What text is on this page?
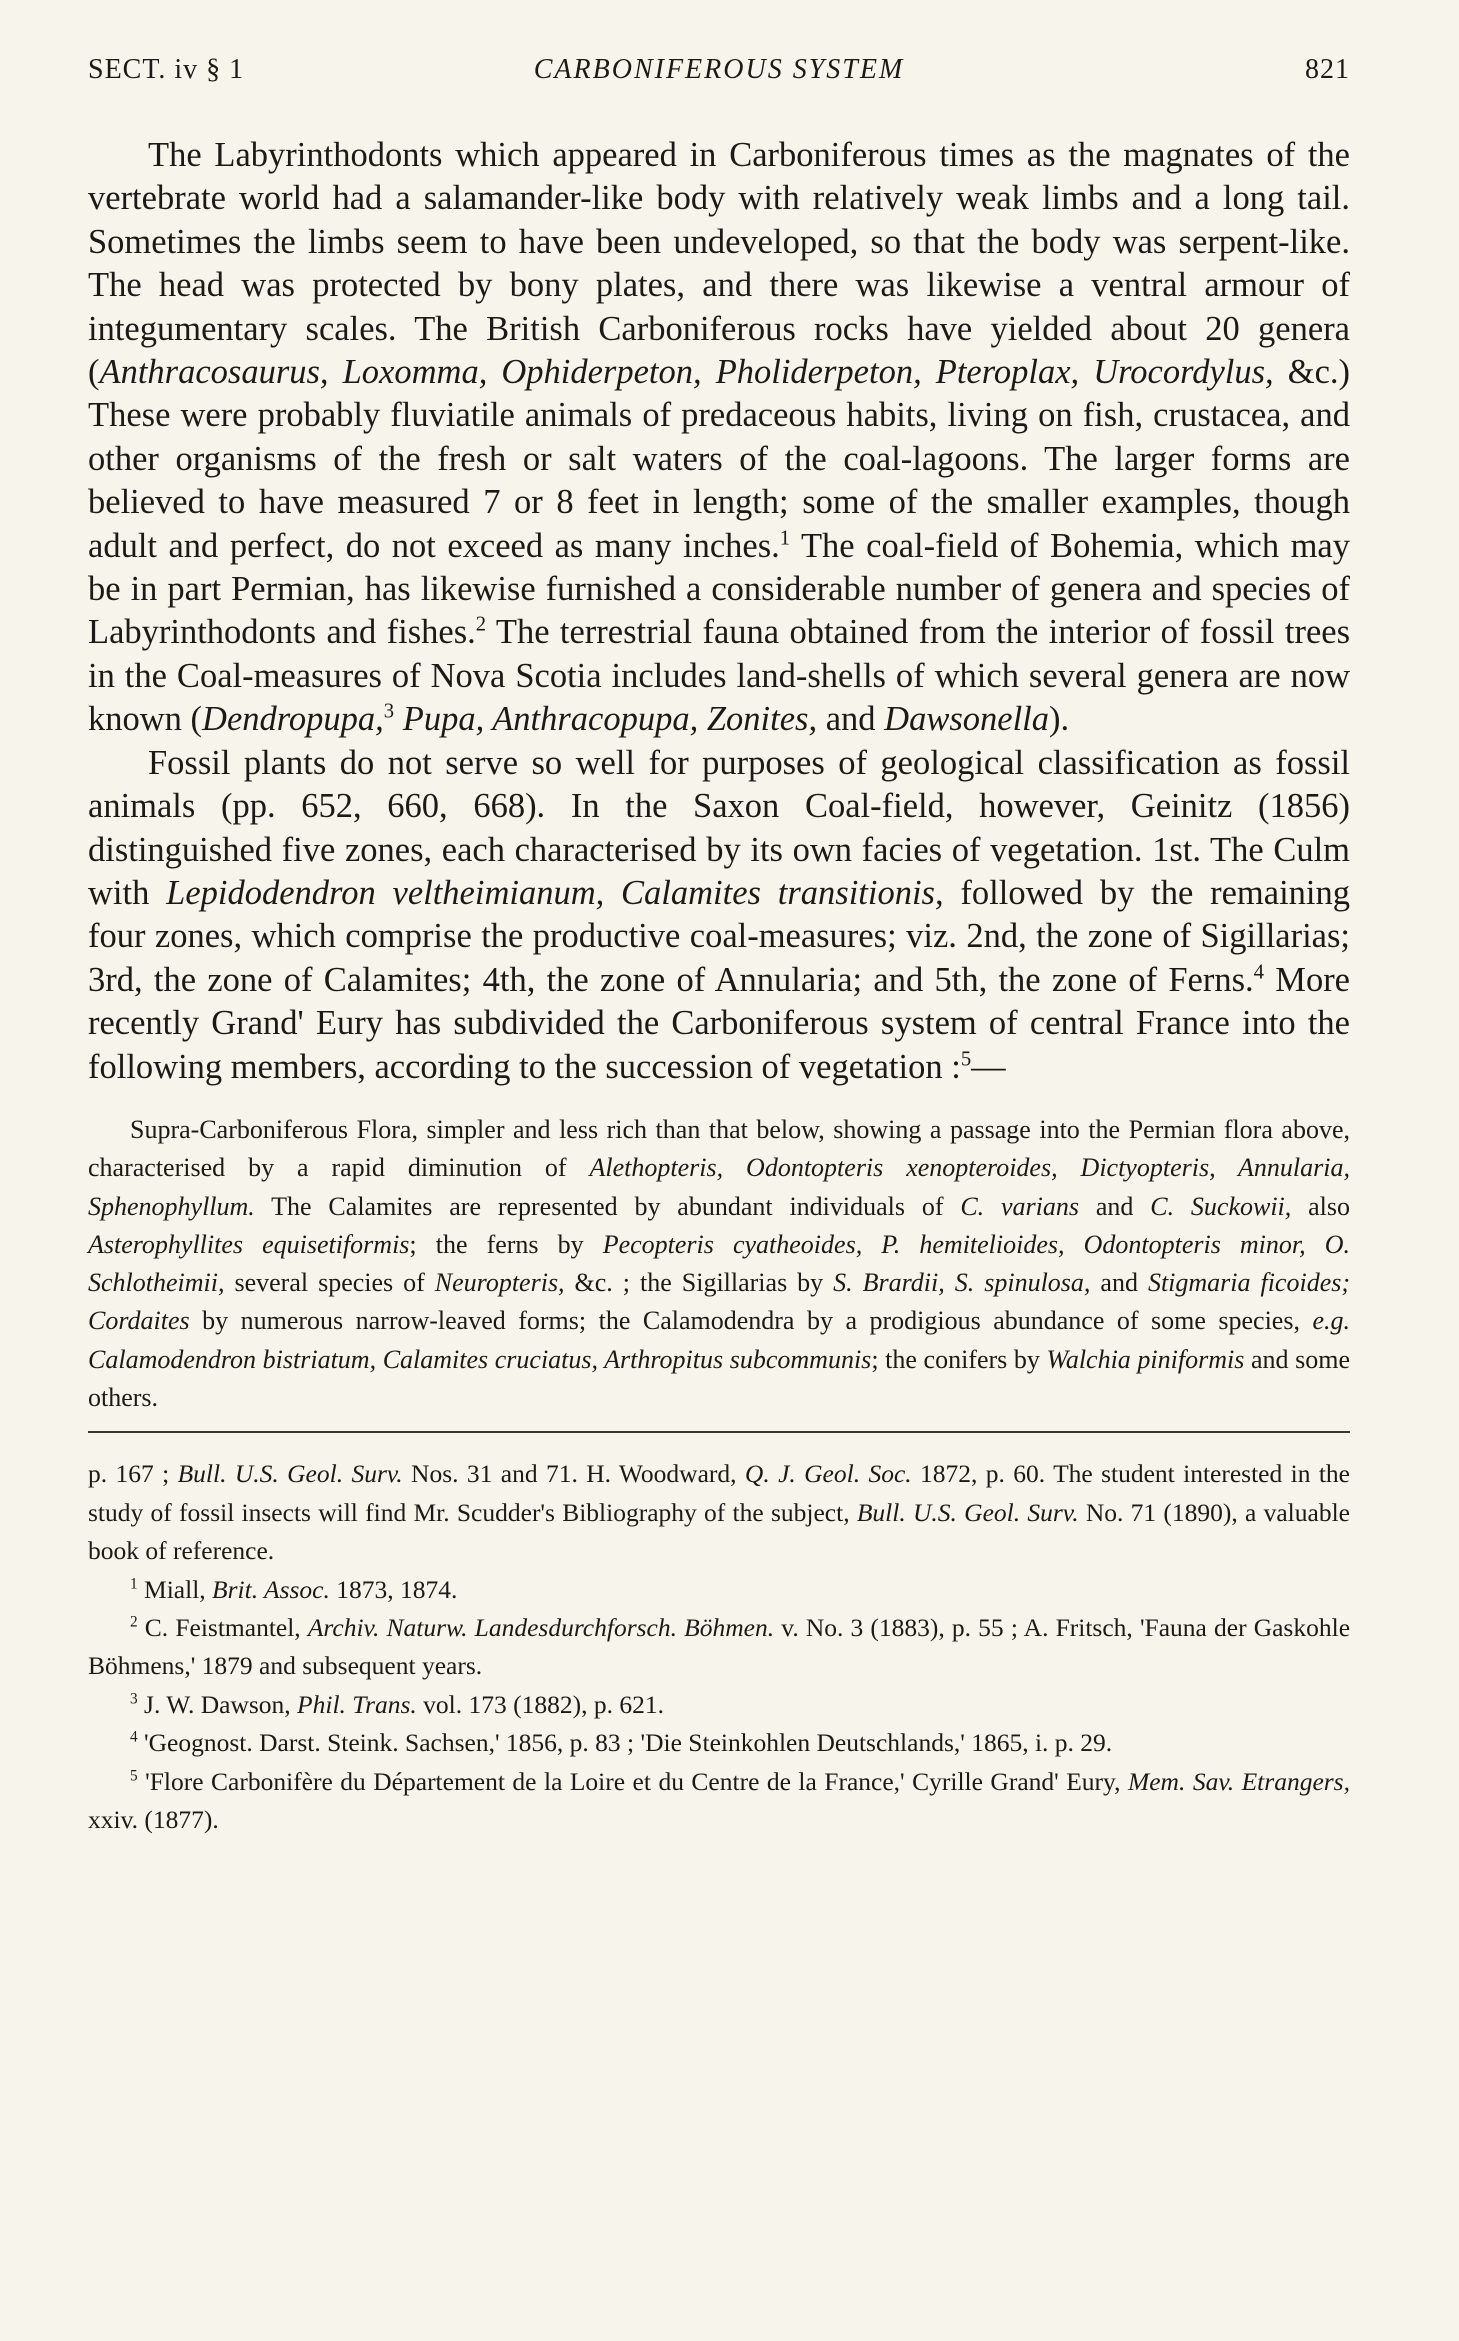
SECT. iv § 1	CARBONIFEROUS SYSTEM	821

The Labyrinthodonts which appeared in Carboniferous times as the magnates of the vertebrate world had a salamander-like body with relatively weak limbs and a long tail. Sometimes the limbs seem to have been undeveloped, so that the body was serpent-like. The head was protected by bony plates, and there was likewise a ventral armour of integumentary scales. The British Carboniferous rocks have yielded about 20 genera (Anthracosaurus, Loxomma, Ophiderpeton, Pholiderpeton, Pteroplax, Urocordylus, &c.) These were probably fluviatile animals of predaceous habits, living on fish, crustacea, and other organisms of the fresh or salt waters of the coal-lagoons. The larger forms are believed to have measured 7 or 8 feet in length; some of the smaller examples, though adult and perfect, do not exceed as many inches.$^1$ The coal-field of Bohemia, which may be in part Permian, has likewise furnished a considerable number of genera and species of Labyrinthodonts and fishes.$^2$ The terrestrial fauna obtained from the interior of fossil trees in the Coal-measures of Nova Scotia includes land-shells of which several genera are now known (Dendropupa,$^3$ Pupa, Anthracopupa, Zonites, and Dawsonella).

Fossil plants do not serve so well for purposes of geological classification as fossil animals (pp. 652, 660, 668). In the Saxon Coal-field, however, Geinitz (1856) distinguished five zones, each characterised by its own facies of vegetation. 1st. The Culm with Lepidodendron veltheimianum, Calamites transitionis, followed by the remaining four zones, which comprise the productive coal-measures; viz. 2nd, the zone of Sigillarias; 3rd, the zone of Calamites; 4th, the zone of Annularia; and 5th, the zone of Ferns.$^4$ More recently Grand' Eury has subdivided the Carboniferous system of central France into the following members, according to the succession of vegetation :$^5$—

Supra-Carboniferous Flora, simpler and less rich than that below, showing a passage into the Permian flora above, characterised by a rapid diminution of Alethopteris, Odontopteris xenopteroides, Dictyopteris, Annularia, Sphenophyllum. The Calamites are represented by abundant individuals of C. varians and C. Suckowii, also Asterophyllites equisetiformis; the ferns by Pecopteris cyatheoides, P. hemitelioides, Odontopteris minor, O. Schlotheimii, several species of Neuropteris, &c. ; the Sigillarias by S. Brardii, S. spinulosa, and Stigmaria ficoides; Cordaites by numerous narrow-leaved forms; the Calamodendra by a prodigious abundance of some species, e.g. Calamodendron bistriatum, Calamites cruciatus, Arthropitus subcommunis; the conifers by Walchia piniformis and some others.

p. 167 ; Bull. U.S. Geol. Surv. Nos. 31 and 71. H. Woodward, Q. J. Geol. Soc. 1872, p. 60. The student interested in the study of fossil insects will find Mr. Scudder's Bibliography of the subject, Bull. U.S. Geol. Surv. No. 71 (1890), a valuable book of reference.

$^1$ Miall, Brit. Assoc. 1873, 1874.

$^2$ C. Feistmantel, Archiv. Naturw. Landesdurchforsch. Böhmen. v. No. 3 (1883), p. 55 ; A. Fritsch, 'Fauna der Gaskohle Böhmens,' 1879 and subsequent years.

$^3$ J. W. Dawson, Phil. Trans. vol. 173 (1882), p. 621.

$^4$ 'Geognost. Darst. Steink. Sachsen,' 1856, p. 83 ; 'Die Steinkohlen Deutschlands,' 1865, i. p. 29.

$^5$ 'Flore Carbonifère du Département de la Loire et du Centre de la France,' Cyrille Grand' Eury, Mem. Sav. Etrangers, xxiv. (1877).
